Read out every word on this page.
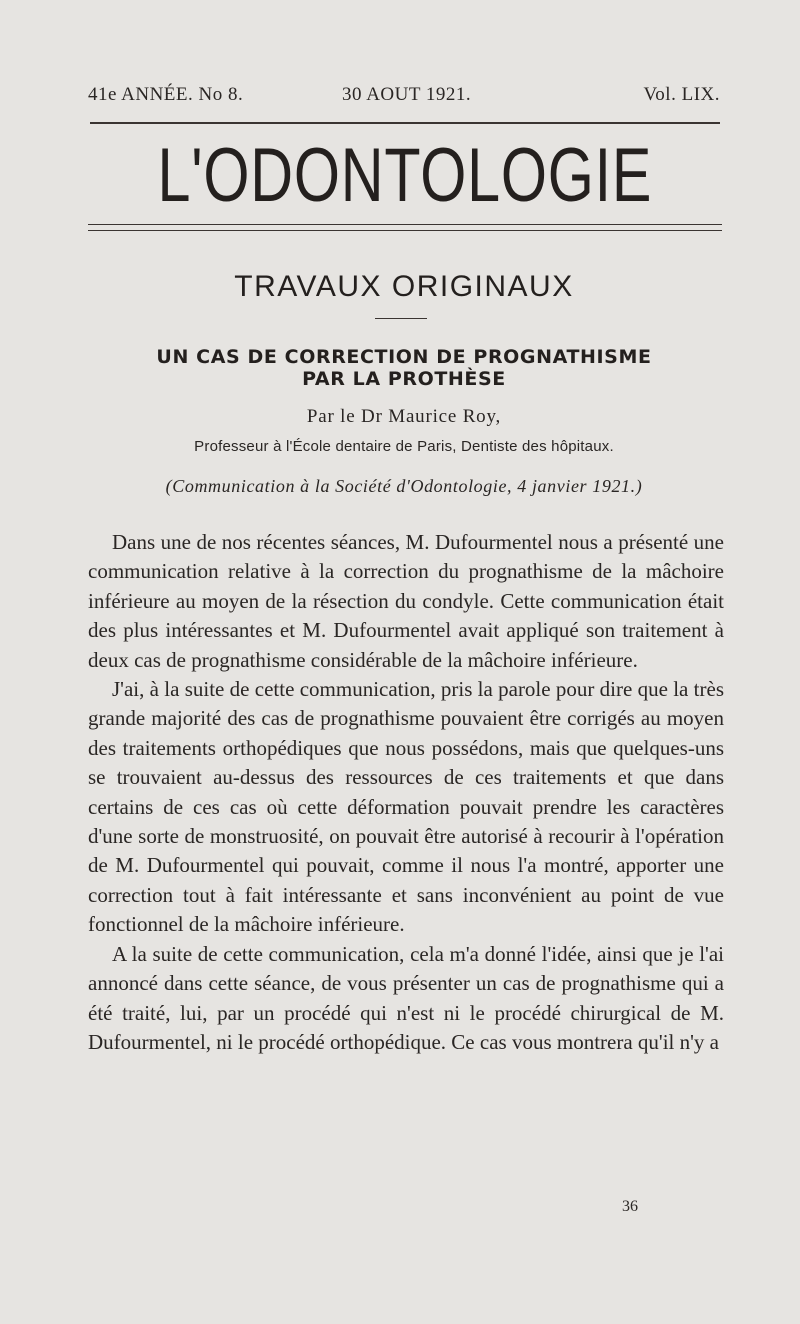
41e ANNÉE. No 8.	30 AOUT 1921.	Vol. LIX.
L'ODONTOLOGIE
TRAVAUX ORIGINAUX
UN CAS DE CORRECTION DE PROGNATHISME
PAR LA PROTHÈSE
Par le Dr Maurice Roy,
Professeur à l'École dentaire de Paris, Dentiste des hôpitaux.
(Communication à la Société d'Odontologie, 4 janvier 1921.)

Dans une de nos récentes séances, M. Dufourmentel nous a présenté une communication relative à la correction du prognathisme de la mâchoire inférieure au moyen de la résection du condyle. Cette communication était des plus intéressantes et M. Dufourmentel avait appliqué son traitement à deux cas de prognathisme considérable de la mâchoire inférieure.

J'ai, à la suite de cette communication, pris la parole pour dire que la très grande majorité des cas de prognathisme pouvaient être corrigés au moyen des traitements orthopédiques que nous possédons, mais que quelques-uns se trouvaient au-dessus des ressources de ces traitements et que dans certains de ces cas où cette déformation pouvait prendre les caractères d'une sorte de monstruosité, on pouvait être autorisé à recourir à l'opération de M. Dufourmentel qui pouvait, comme il nous l'a montré, apporter une correction tout à fait intéressante et sans inconvénient au point de vue fonctionnel de la mâchoire inférieure.

A la suite de cette communication, cela m'a donné l'idée, ainsi que je l'ai annoncé dans cette séance, de vous présenter un cas de prognathisme qui a été traité, lui, par un procédé qui n'est ni le procédé chirurgical de M. Dufourmentel, ni le procédé orthopédique. Ce cas vous montrera qu'il n'y a

36
